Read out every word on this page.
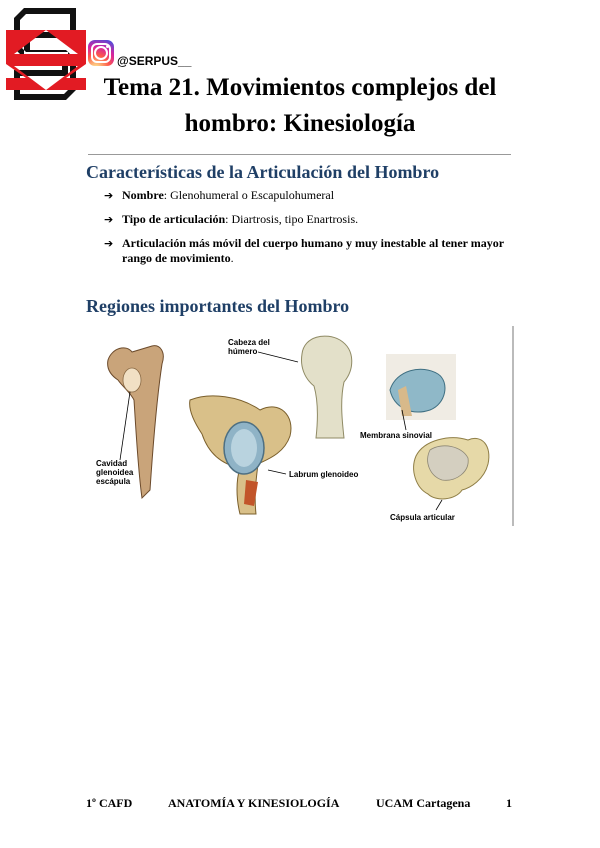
@SERPUS__
Tema 21. Movimientos complejos del
hombro: Kinesiología
Características de la Articulación del Hombro
➔ Nombre: Glenohumeral o Escapulohumeral
➔ Tipo de articulación: Diartrosis, tipo Enartrosis.
➔ Articulación más móvil del cuerpo humano y muy inestable al tener mayor rango de movimiento.
Regiones importantes del Hombro
Cavidad
glenoidea
escápula
Cabeza del
húmero
Labrum glenoideo
Membrana sinovial
Cápsula articular
1º CAFD	ANATOMÍA Y KINESIOLOGÍA	UCAM Cartagena	1
